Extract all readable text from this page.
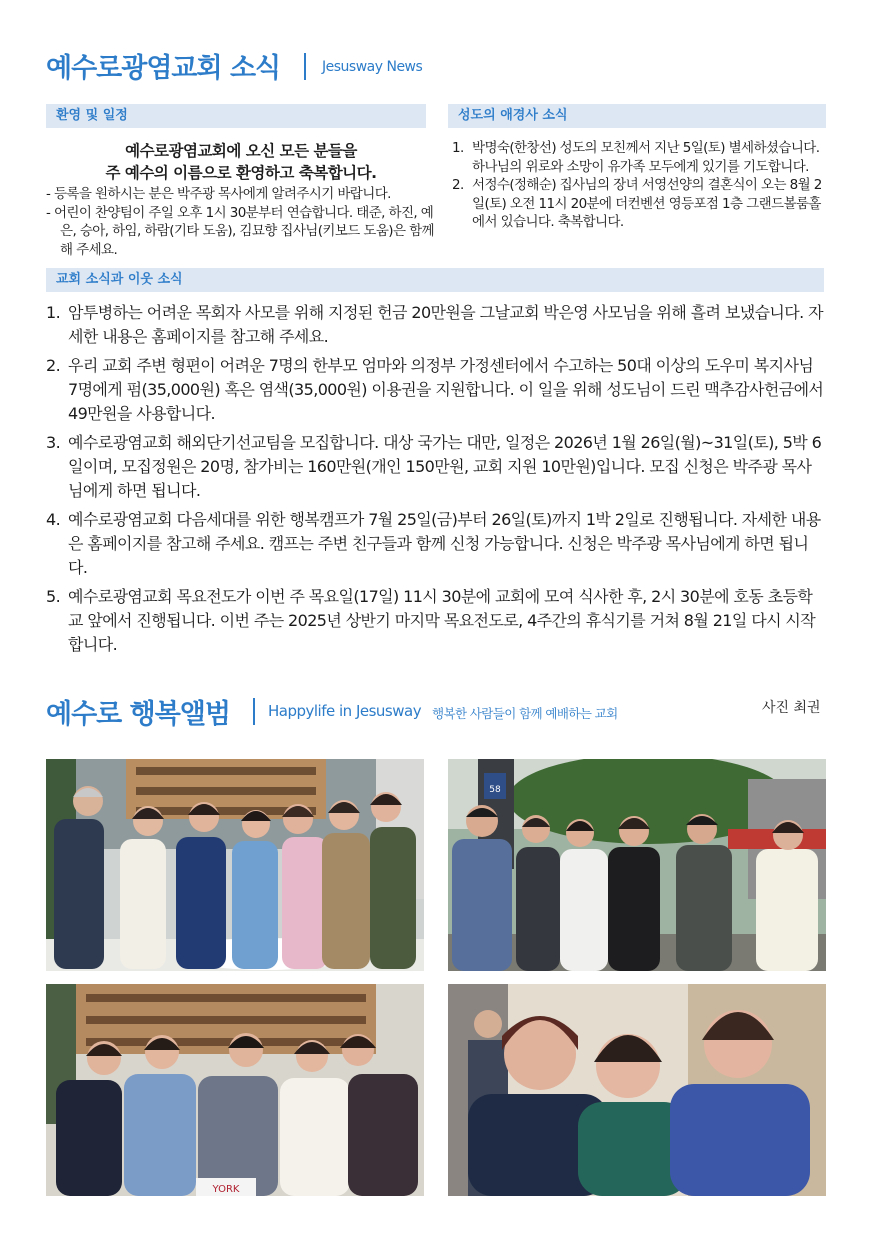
예수로광염교회 소식	Jesusway News
환영 및 일정
예수로광염교회에 오신 모든 분들을
주 예수의 이름으로 환영하고 축복합니다.
- 등록을 원하시는 분은 박주광 목사에게 알려주시기 바랍니다.
- 어린이 찬양팀이 주일 오후 1시 30분부터 연습합니다. 태준, 하진, 예은, 승아, 하임, 하람(기타 도움), 김묘향 집사님(키보드 도움)은 함께해 주세요.
성도의 애경사 소식
1. 박명숙(한창선) 성도의 모친께서 지난 5일(토) 별세하셨습니다. 하나님의 위로와 소망이 유가족 모두에게 있기를 기도합니다.
2. 서정수(정해순) 집사님의 장녀 서영선양의 결혼식이 오는 8월 2일(토) 오전 11시 20분에 더컨벤션 영등포점 1층 그랜드볼룸홀에서 있습니다. 축복합니다.
교회 소식과 이웃 소식
1. 암투병하는 어려운 목회자 사모를 위해 지정된 헌금 20만원을 그날교회 박은영 사모님을 위해 흘려 보냈습니다. 자세한 내용은 홈페이지를 참고해 주세요.
2. 우리 교회 주변 형편이 어려운 7명의 한부모 엄마와 의정부 가정센터에서 수고하는 50대 이상의 도우미 복지사님 7명에게 펌(35,000원) 혹은 염색(35,000원) 이용권을 지원합니다. 이 일을 위해 성도님이 드린 맥추감사헌금에서 49만원을 사용합니다.
3. 예수로광염교회 해외단기선교팀을 모집합니다. 대상 국가는 대만, 일정은 2026년 1월 26일(월)~31일(토), 5박 6일이며, 모집정원은 20명, 참가비는 160만원(개인 150만원, 교회 지원 10만원)입니다. 모집 신청은 박주광 목사님에게 하면 됩니다.
4. 예수로광염교회 다음세대를 위한 행복캠프가 7월 25일(금)부터 26일(토)까지 1박 2일로 진행됩니다. 자세한 내용은 홈페이지를 참고해 주세요. 캠프는 주변 친구들과 함께 신청 가능합니다. 신청은 박주광 목사님에게 하면 됩니다.
5. 예수로광염교회 목요전도가 이번 주 목요일(17일) 11시 30분에 교회에 모여 식사한 후, 2시 30분에 호동 초등학교 앞에서 진행됩니다. 이번 주는 2025년 상반기 마지막 목요전도로, 4주간의 휴식기를 거쳐 8월 21일 다시 시작합니다.
예수로 행복앨범	Happylife in Jesusway 행복한 사람들이 함께 예배하는 교회	사진 최권
58
YORK
